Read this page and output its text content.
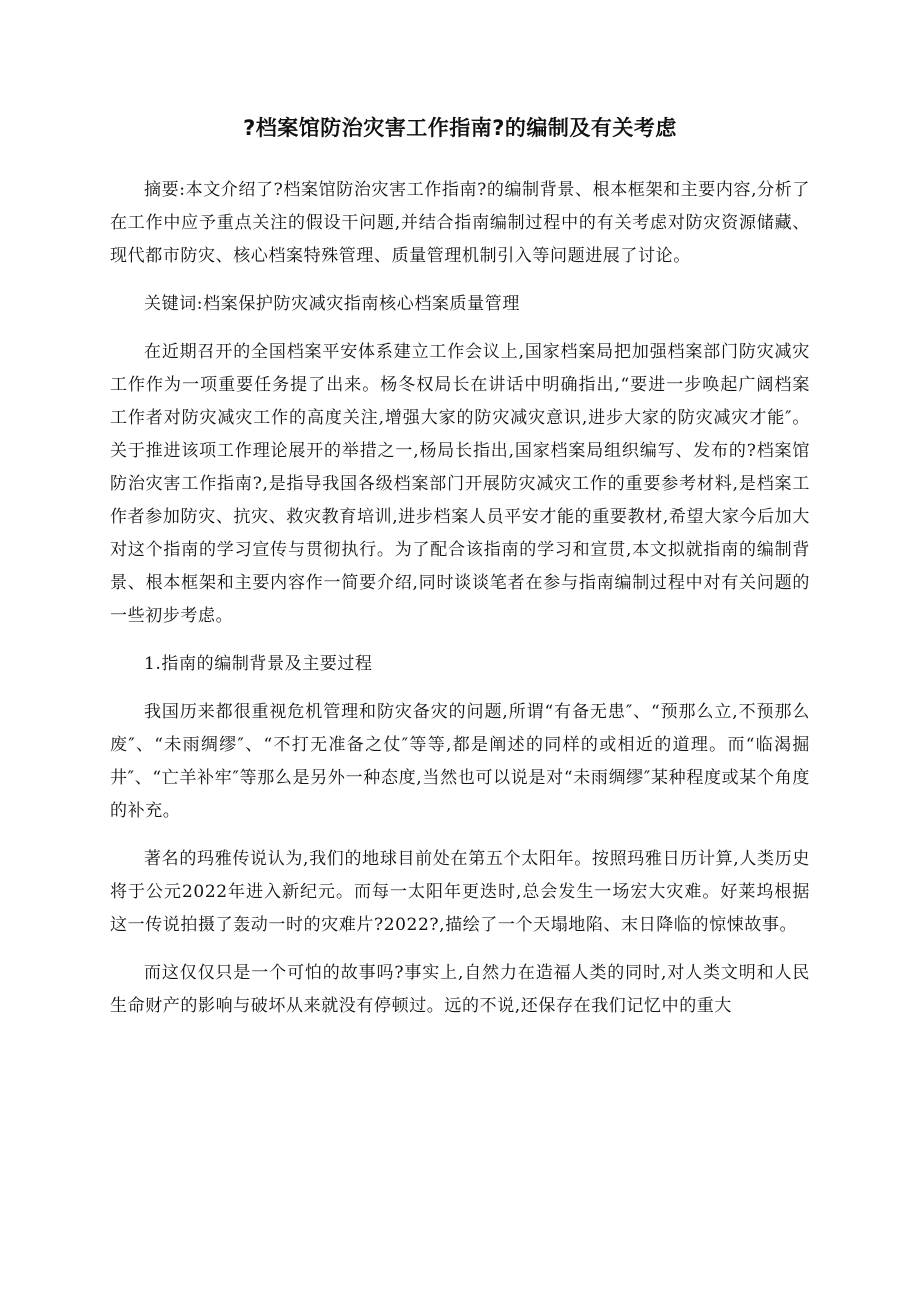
?档案馆防治灾害工作指南?的编制及有关考虑

摘要:本文介绍了?档案馆防治灾害工作指南?的编制背景、根本框架和主要内容,分析了在工作中应予重点关注的假设干问题,并结合指南编制过程中的有关考虑对防灾资源储藏、现代都市防灾、核心档案特殊管理、质量管理机制引入等问题进展了讨论。

关键词:档案保护防灾减灾指南核心档案质量管理

在近期召开的全国档案平安体系建立工作会议上,国家档案局把加强档案部门防灾减灾工作作为一项重要任务提了出来。杨冬权局长在讲话中明确指出,“要进一步唤起广阔档案工作者对防灾减灾工作的高度关注,增强大家的防灾减灾意识,进步大家的防灾减灾才能″。关于推进该项工作理论展开的举措之一,杨局长指出,国家档案局组织编写、发布的?档案馆防治灾害工作指南?,是指导我国各级档案部门开展防灾减灾工作的重要参考材料,是档案工作者参加防灾、抗灾、救灾教育培训,进步档案人员平安才能的重要教材,希望大家今后加大对这个指南的学习宣传与贯彻执行。为了配合该指南的学习和宣贯,本文拟就指南的编制背景、根本框架和主要内容作一简要介绍,同时谈谈笔者在参与指南编制过程中对有关问题的一些初步考虑。

1.指南的编制背景及主要过程

我国历来都很重视危机管理和防灾备灾的问题,所谓“有备无患″、“预那么立,不预那么废″、“未雨绸缪″、“不打无准备之仗″等等,都是阐述的同样的或相近的道理。而“临渴掘井″、“亡羊补牢″等那么是另外一种态度,当然也可以说是对“未雨绸缪″某种程度或某个角度的补充。

著名的玛雅传说认为,我们的地球目前处在第五个太阳年。按照玛雅日历计算,人类历史将于公元2022年进入新纪元。而每一太阳年更迭时,总会发生一场宏大灾难。好莱坞根据这一传说拍摄了轰动一时的灾难片?2022?,描绘了一个天塌地陷、末日降临的惊悚故事。

而这仅仅只是一个可怕的故事吗?事实上,自然力在造福人类的同时,对人类文明和人民生命财产的影响与破坏从来就没有停顿过。远的不说,还保存在我们记忆中的重大
